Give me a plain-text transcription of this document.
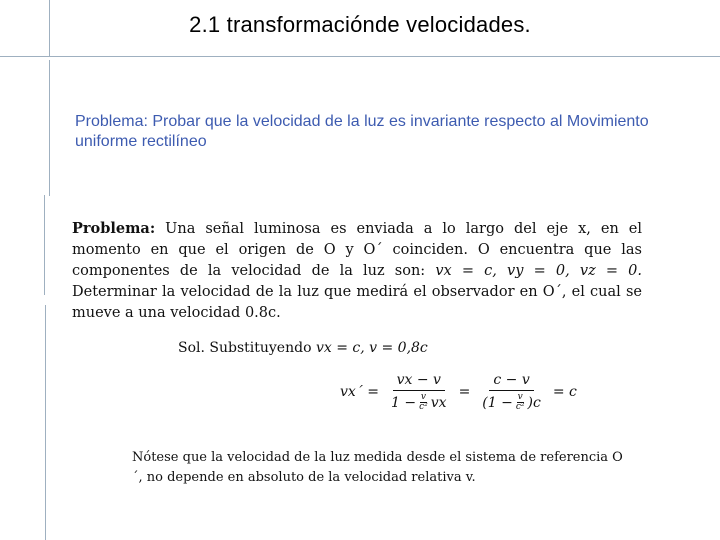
2.1 transformaciónde velocidades.
Problema: Probar que la velocidad de la luz es invariante respecto al Movimiento uniforme rectilíneo
Problema: Una señal luminosa es enviada a lo largo del eje x, en el momento en que el origen de O y O´ coinciden. O encuentra que las componentes de la velocidad de la luz son: vx = c, vy = 0, vz = 0. Determinar la velocidad de la luz que medirá el observador en O´, el cual se mueve a una velocidad 0.8c.
Sol. Substituyendo vx = c, v = 0,8c
vx´ = $\frac{vx - v}{1 - \frac{v}{\text{c²}} vx} = \frac{c - v}{(1 - \frac{v}{\text{c²}} )c} = c$
Nótese que la velocidad de la luz medida desde el sistema de referencia O´, no depende en absoluto de la velocidad relativa v.
